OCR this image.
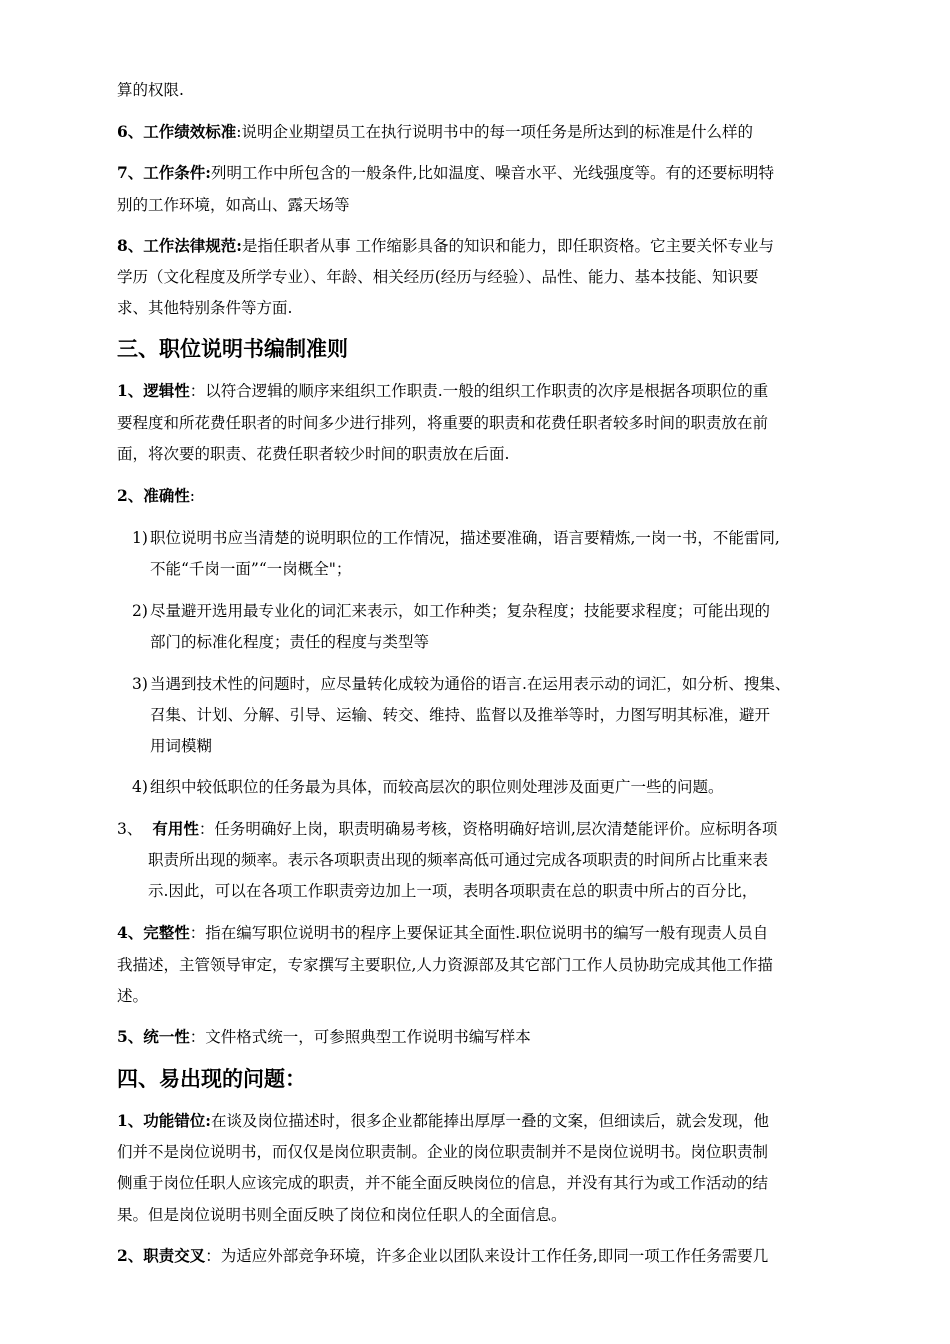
算的权限.
6、工作绩效标准:说明企业期望员工在执行说明书中的每一项任务是所达到的标准是什么样的
7、工作条件:列明工作中所包含的一般条件,比如温度、噪音水平、光线强度等。有的还要标明特
别的工作环境，如高山、露天场等
8、工作法律规范:是指任职者从事 工作缩影具备的知识和能力，即任职资格。它主要关怀专业与
学历（文化程度及所学专业）、年龄、相关经历(经历与经验）、品性、能力、基本技能、知识要
求、其他特别条件等方面.
三、职位说明书编制准则
1、逻辑性：以符合逻辑的顺序来组织工作职责.一般的组织工作职责的次序是根据各项职位的重
要程度和所花费任职者的时间多少进行排列，将重要的职责和花费任职者较多时间的职责放在前
面，将次要的职责、花费任职者较少时间的职责放在后面.
2、准确性:
1) 职位说明书应当清楚的说明职位的工作情况，描述要准确，语言要精炼,一岗一书，不能雷同,
不能“千岗一面”“一岗概全"；
2) 尽量避开选用最专业化的词汇来表示，如工作种类；复杂程度；技能要求程度；可能出现的
部门的标准化程度；责任的程度与类型等
3) 当遇到技术性的问题时，应尽量转化成较为通俗的语言.在运用表示动的词汇，如分析、搜集、
召集、计划、分解、引导、运输、转交、维持、监督以及推举等时，力图写明其标准，避开
用词模糊
4) 组织中较低职位的任务最为具体，而较高层次的职位则处理涉及面更广一些的问题。
3、 有用性：任务明确好上岗，职责明确易考核，资格明确好培训,层次清楚能评价。应标明各项
职责所出现的频率。表示各项职责出现的频率高低可通过完成各项职责的时间所占比重来表
示.因此，可以在各项工作职责旁边加上一项，表明各项职责在总的职责中所占的百分比，
4、完整性：指在编写职位说明书的程序上要保证其全面性.职位说明书的编写一般有现责人员自
我描述，主管领导审定，专家撰写主要职位,人力资源部及其它部门工作人员协助完成其他工作描
述。
5、统一性：文件格式统一，可参照典型工作说明书编写样本
四、易出现的问题：
1、功能错位:在谈及岗位描述时，很多企业都能捧出厚厚一叠的文案，但细读后，就会发现，他
们并不是岗位说明书，而仅仅是岗位职责制。企业的岗位职责制并不是岗位说明书。岗位职责制
侧重于岗位任职人应该完成的职责，并不能全面反映岗位的信息，并没有其行为或工作活动的结
果。但是岗位说明书则全面反映了岗位和岗位任职人的全面信息。
2、职责交叉：为适应外部竞争环境，许多企业以团队来设计工作任务,即同一项工作任务需要几
